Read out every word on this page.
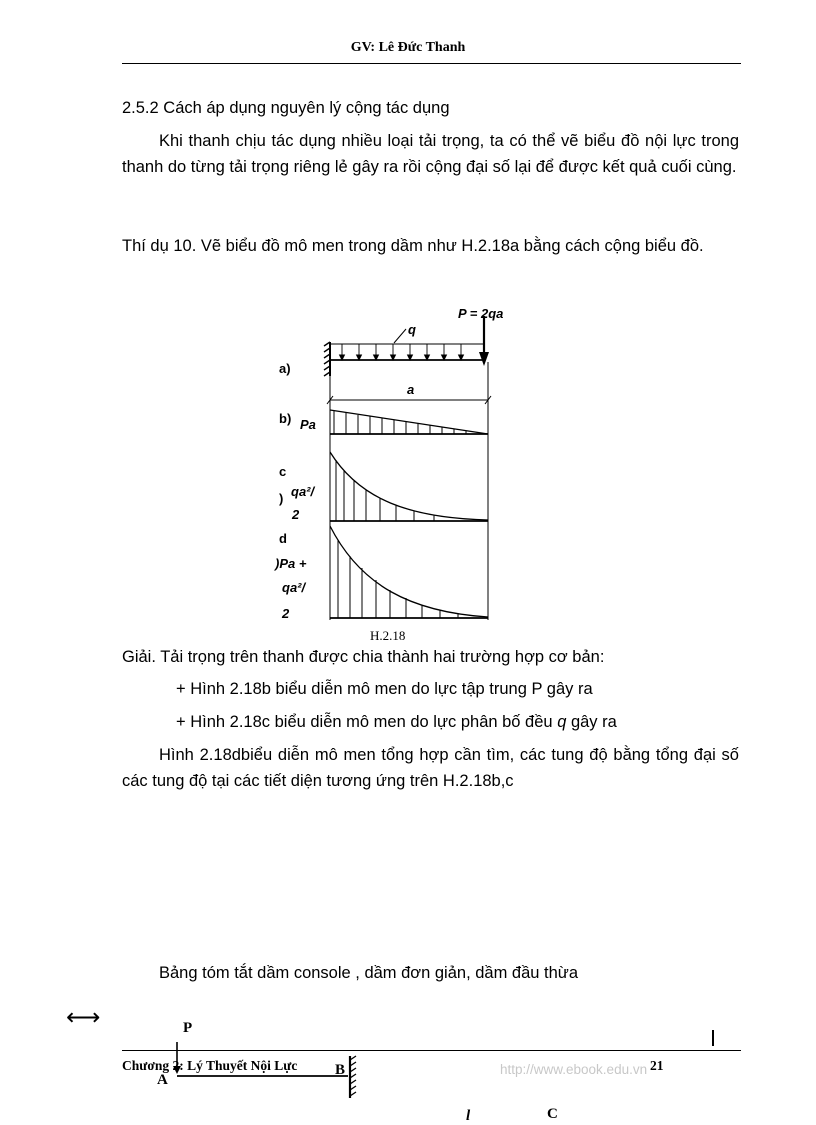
GV: Lê Đức Thanh
2.5.2 Cách áp dụng nguyên lý cộng tác dụng
Khi thanh chịu tác dụng nhiều loại tải trọng, ta có thể vẽ biểu đồ nội lực trong thanh do từng tải trọng riêng lẻ gây ra rồi cộng đại số lại để được kết quả cuối cùng.
Thí dụ 10. Vẽ biểu đồ mô men trong dầm như H.2.18a bằng cách cộng biểu đồ.
P = 2qa
q
a)
a
b) Pa
c
) qa²/
2
d
)Pa +
qa²/
2
H.2.18
Giải. Tải trọng trên thanh được chia thành hai trường hợp cơ bản:
+ Hình 2.18b biểu diễn mô men do lực tập trung P gây ra
+ Hình 2.18c biểu diễn mô men do lực phân bố đều q gây ra
Hình 2.18dbiểu diễn mô men tổng hợp cần tìm, các tung độ bằng tổng đại số các tung độ tại các tiết diện tương ứng trên H.2.18b,c
Bảng tóm tắt dầm console , dầm đơn giản, dầm đầu thừa
⟷	P
Chương 2: Lý Thuyết Nội Lực	http://www.ebook.edu.vn 21
A
B
l	C
